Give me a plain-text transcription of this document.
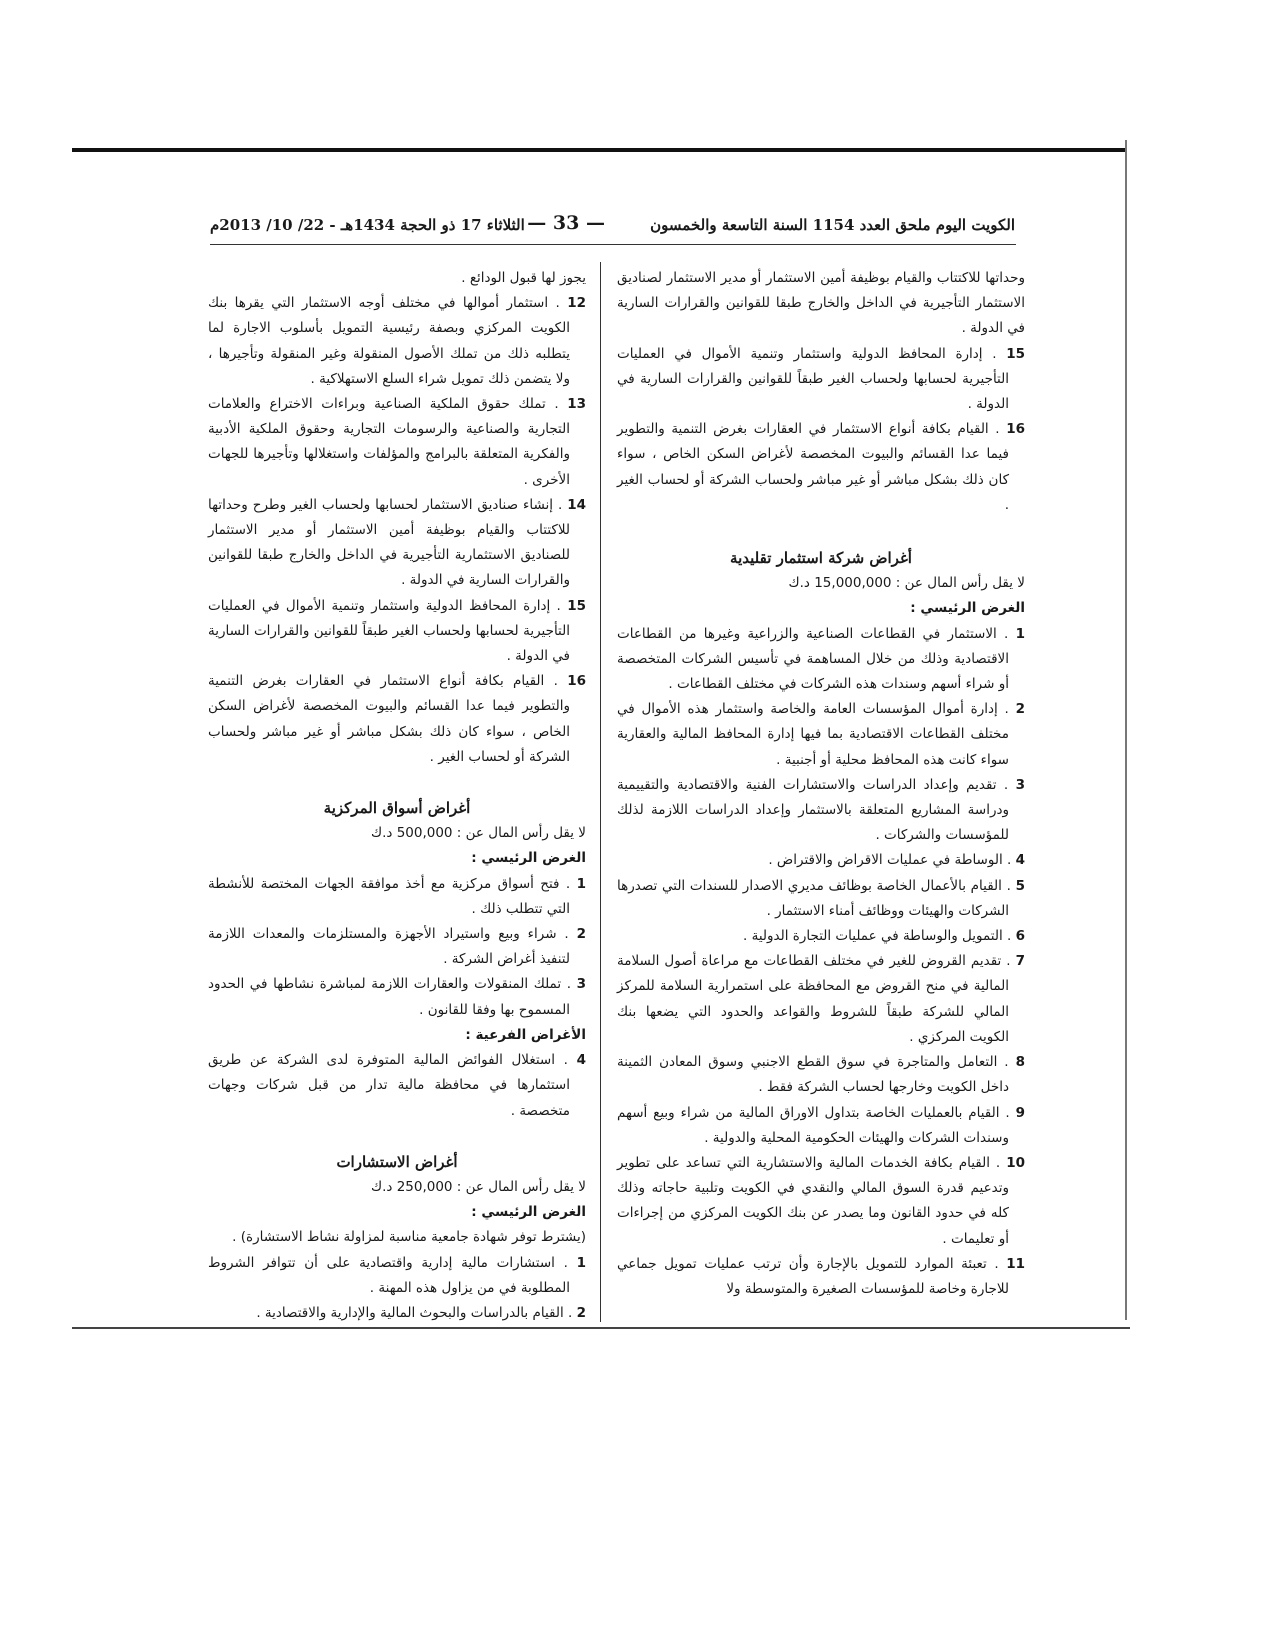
الكويت اليوم ملحق العدد 1154 السنة التاسعة والخمسون
— 33 —
الثلاثاء 17 ذو الحجة 1434هـ - 22/ 10/ 2013م

وحداتها للاكتتاب والقيام بوظيفة أمين الاستثمار أو مدير الاستثمار لصناديق الاستثمار التأجيرية في الداخل والخارج طبقا للقوانين والقرارات السارية في الدولة .

15 . إدارة المحافظ الدولية واستثمار وتنمية الأموال في العمليات التأجيرية لحسابها ولحساب الغير طبقاً للقوانين والقرارات السارية في الدولة .

16 . القيام بكافة أنواع الاستثمار في العقارات بغرض التنمية والتطوير فيما عدا القسائم والبيوت المخصصة لأغراض السكن الخاص ، سواء كان ذلك بشكل مباشر أو غير مباشر ولحساب الشركة أو لحساب الغير .

أغراض شركة استثمار تقليدية

لا يقل رأس المال عن : 15,000,000 د.ك

الغرض الرئيسي :

1 . الاستثمار في القطاعات الصناعية والزراعية وغيرها من القطاعات الاقتصادية وذلك من خلال المساهمة في تأسيس الشركات المتخصصة أو شراء أسهم وسندات هذه الشركات في مختلف القطاعات .

2 . إدارة أموال المؤسسات العامة والخاصة واستثمار هذه الأموال في مختلف القطاعات الاقتصادية بما فيها إدارة المحافظ المالية والعقارية سواء كانت هذه المحافظ محلية أو أجنبية .

3 . تقديم وإعداد الدراسات والاستشارات الفنية والاقتصادية والتقييمية ودراسة المشاريع المتعلقة بالاستثمار وإعداد الدراسات اللازمة لذلك للمؤسسات والشركات .

4 . الوساطة في عمليات الاقراض والاقتراض .

5 . القيام بالأعمال الخاصة بوظائف مديري الاصدار للسندات التي تصدرها الشركات والهيئات ووظائف أمناء الاستثمار .

6 . التمويل والوساطة في عمليات التجارة الدولية .

7 . تقديم القروض للغير في مختلف القطاعات مع مراعاة أصول السلامة المالية في منح القروض مع المحافظة على استمرارية السلامة للمركز المالي للشركة طبقاً للشروط والقواعد والحدود التي يضعها بنك الكويت المركزي .

8 . التعامل والمتاجرة في سوق القطع الاجنبي وسوق المعادن الثمينة داخل الكويت وخارجها لحساب الشركة فقط .

9 . القيام بالعمليات الخاصة بتداول الاوراق المالية من شراء وبيع أسهم وسندات الشركات والهيئات الحكومية المحلية والدولية .

10 . القيام بكافة الخدمات المالية والاستشارية التي تساعد على تطوير وتدعيم قدرة السوق المالي والنقدي في الكويت وتلبية حاجاته وذلك كله في حدود القانون وما يصدر عن بنك الكويت المركزي من إجراءات أو تعليمات .

11 . تعبئة الموارد للتمويل بالإجارة وأن ترتب عمليات تمويل جماعي للاجارة وخاصة للمؤسسات الصغيرة والمتوسطة ولا

يجوز لها قبول الودائع .

12 . استثمار أموالها في مختلف أوجه الاستثمار التي يقرها بنك الكويت المركزي وبصفة رئيسية التمويل بأسلوب الاجارة لما يتطلبه ذلك من تملك الأصول المنقولة وغير المنقولة وتأجيرها ، ولا يتضمن ذلك تمويل شراء السلع الاستهلاكية .

13 . تملك حقوق الملكية الصناعية وبراءات الاختراع والعلامات التجارية والصناعية والرسومات التجارية وحقوق الملكية الأدبية والفكرية المتعلقة بالبرامج والمؤلفات واستغلالها وتأجيرها للجهات الأخرى .

14 . إنشاء صناديق الاستثمار لحسابها ولحساب الغير وطرح وحداتها للاكتتاب والقيام بوظيفة أمين الاستثمار أو مدير الاستثمار للصناديق الاستثمارية التأجيرية في الداخل والخارج طبقا للقوانين والقرارات السارية في الدولة .

15 . إدارة المحافظ الدولية واستثمار وتنمية الأموال في العمليات التأجيرية لحسابها ولحساب الغير طبقاً للقوانين والقرارات السارية في الدولة .

16 . القيام بكافة أنواع الاستثمار في العقارات بغرض التنمية والتطوير فيما عدا القسائم والبيوت المخصصة لأغراض السكن الخاص ، سواء كان ذلك بشكل مباشر أو غير مباشر ولحساب الشركة أو لحساب الغير .

أغراض أسواق المركزية

لا يقل رأس المال عن : 500,000 د.ك

الغرض الرئيسي :

1 . فتح أسواق مركزية مع أخذ موافقة الجهات المختصة للأنشطة التي تتطلب ذلك .

2 . شراء وبيع واستيراد الأجهزة والمستلزمات والمعدات اللازمة لتنفيذ أغراض الشركة .

3 . تملك المنقولات والعقارات اللازمة لمباشرة نشاطها في الحدود المسموح بها وفقا للقانون .

الأغراض الفرعية :

4 . استغلال الفوائض المالية المتوفرة لدى الشركة عن طريق استثمارها في محافظة مالية تدار من قبل شركات وجهات متخصصة .

أغراض الاستشارات

لا يقل رأس المال عن : 250,000 د.ك

الغرض الرئيسي :

(يشترط توفر شهادة جامعية مناسبة لمزاولة نشاط الاستشارة) .

1 . استشارات مالية إدارية واقتصادية على أن تتوافر الشروط المطلوبة في من يزاول هذه المهنة .

2 . القيام بالدراسات والبحوث المالية والإدارية والاقتصادية .
